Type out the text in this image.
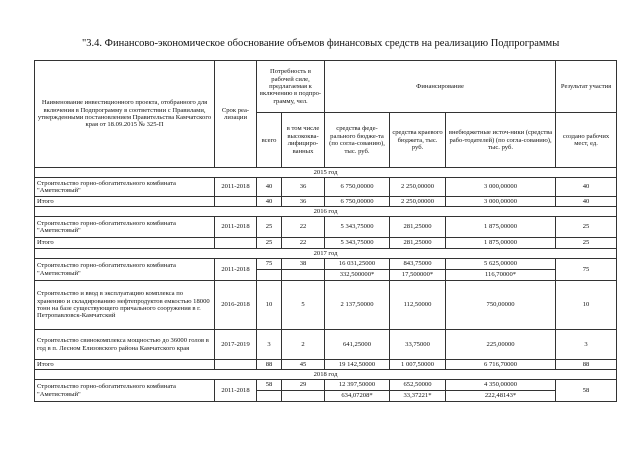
"3.4. Финансово-экономическое обоснование объемов финансовых средств на реализацию Подпрограммы
Наименование инвестиционного проекта, отобранного для включения в Подпрограмму в соответствии с Правилами, утвержденными постановлением Правительства Камчатского края от 18.09.2015 № 325-П	Срок реа-лизации	Потребность в рабочей силе, предлагаемая к включению в подпро-грамму, чел.		Финансирование			Результат участия
		всего	в том числе высококва-лифициро-ванных	средства феде-рального бюдже-та (по согла-сованию), тыс. руб.	средства краевого бюджета, тыс. руб.	внебюджетные источ-ники (средства рабо-тодателей) (по согла-сованию), тыс. руб.	создано рабочих мест, ед.
2015 год							
Строительство горно-обогатительного комбината "Аметистовый"	2011-2018	40	36	6 750,00000	2 250,00000	3 000,00000	40
Итого		40	36	6 750,00000	2 250,00000	3 000,00000	40
2016 год							
Строительство горно-обогатительного комбината "Аметистовый"	2011-2018	25	22	5 343,75000	281,25000	1 875,00000	25
Итого		25	22	5 343,75000	281,25000	1 875,00000	25
2017 год							
Строительство горно-обогатительного комбината "Аметистовый"	2011-2018	75	38	16 031,25000	843,75000	5 625,00000	75
				332,500000*	17,500000*	116,70000*	
Строительство и ввод в эксплуатацию комплекса по хранению и складированию нефтепродуктов емкостью 18000 тонн на базе существующего причального сооружения в г. Петропавловск-Камчатский	2016-2018	10	5	2 137,50000	112,50000	750,00000	10
Строительство свинокомплекса мощностью до 36000 голов в год в п. Лесном Елизовского района Камчатского края	2017-2019	3	2	641,25000	33,75000	225,00000	3
Итого		88	45	19 142,50000	1 007,50000	6 716,70000	88
2018 год							
Строительство горно-обогатительного комбината "Аметистовый"	2011-2018	58	29	12 397,50000	652,50000	4 350,00000	58
				634,07208*	33,37221*	222,48143*	
